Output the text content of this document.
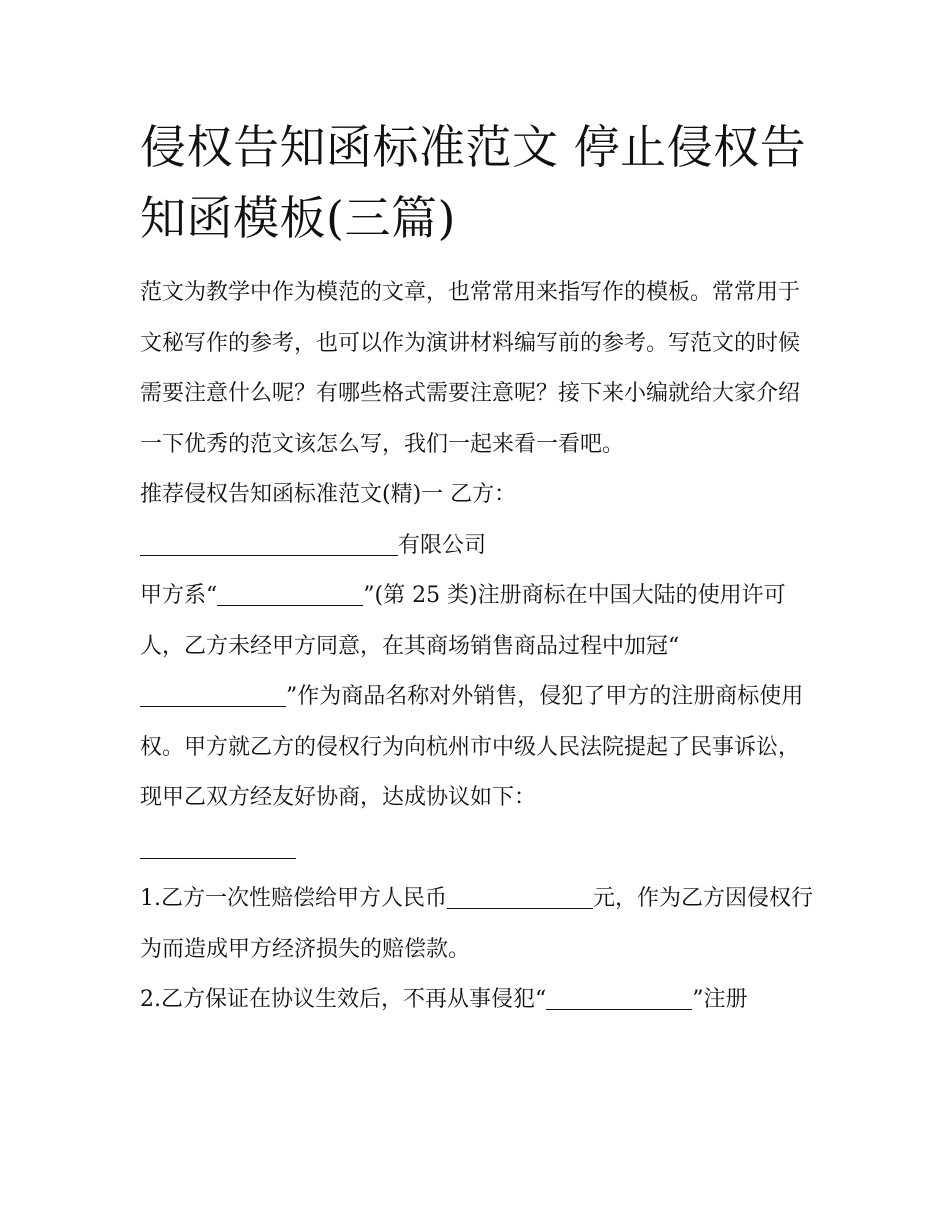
侵权告知函标准范文 停止侵权告知函模板(三篇)

范文为教学中作为模范的文章，也常常用来指写作的模板。常常用于文秘写作的参考，也可以作为演讲材料编写前的参考。写范文的时候需要注意什么呢？有哪些格式需要注意呢？接下来小编就给大家介绍一下优秀的范文该怎么写，我们一起来看一看吧。

推荐侵权告知函标准范文(精)一 乙方：

有限公司

甲方系“	”(第 25 类)注册商标在中国大陆的使用许可人，乙方未经甲方同意，在其商场销售商品过程中加冠“”作为商品名称对外销售，侵犯了甲方的注册商标使用权。甲方就乙方的侵权行为向杭州市中级人民法院提起了民事诉讼，现甲乙双方经友好协商，达成协议如下：

1.乙方一次性赔偿给甲方人民币	元，作为乙方因侵权行为而造成甲方经济损失的赔偿款。

2.乙方保证在协议生效后，不再从事侵犯“	”注册
